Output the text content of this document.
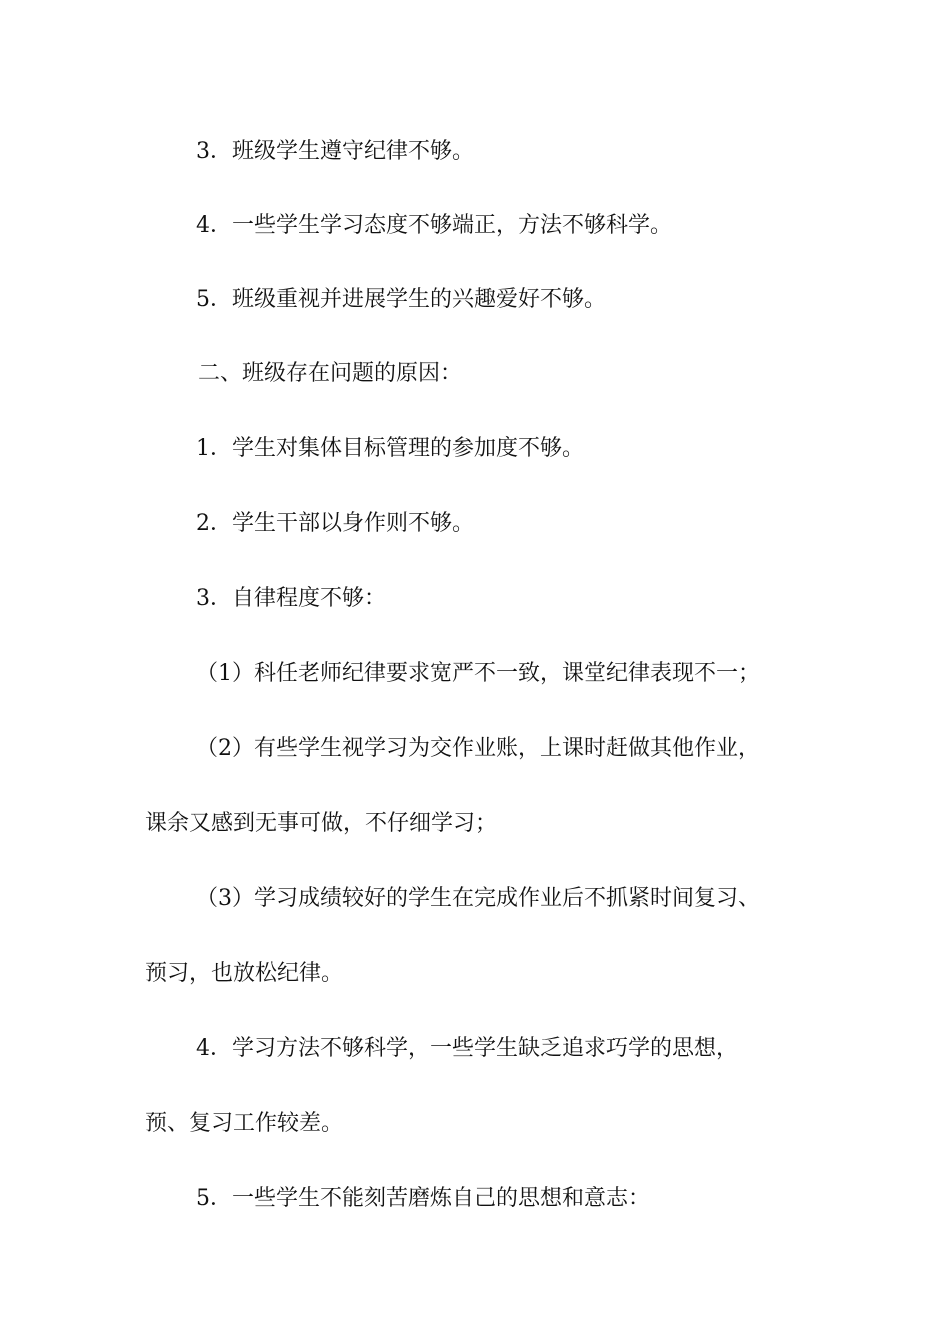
3．班级学生遵守纪律不够。

4．一些学生学习态度不够端正，方法不够科学。

5．班级重视并进展学生的兴趣爱好不够。

二、班级存在问题的原因：

1．学生对集体目标管理的参加度不够。

2．学生干部以身作则不够。

3．自律程度不够：

（1）科任老师纪律要求宽严不一致，课堂纪律表现不一；

（2）有些学生视学习为交作业账，上课时赶做其他作业，

课余又感到无事可做，不仔细学习；

（3）学习成绩较好的学生在完成作业后不抓紧时间复习、

预习，也放松纪律。

4．学习方法不够科学，一些学生缺乏追求巧学的思想，

预、复习工作较差。

5．一些学生不能刻苦磨炼自己的思想和意志：
